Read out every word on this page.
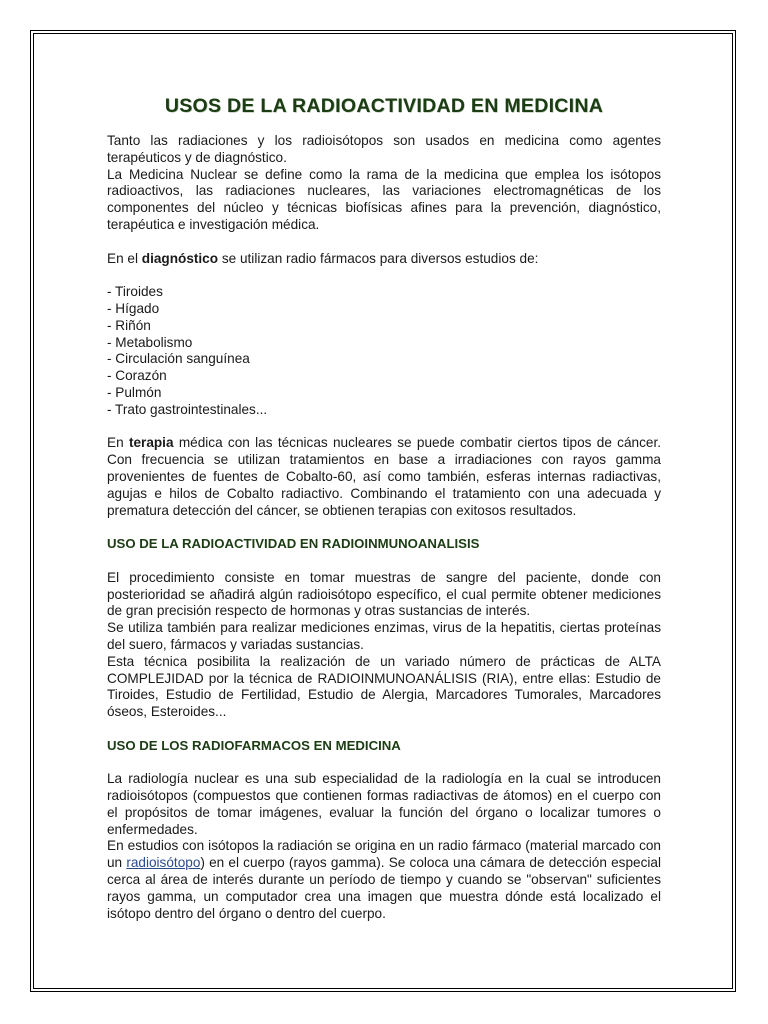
USOS DE LA RADIOACTIVIDAD EN MEDICINA

Tanto las radiaciones y los radioisótopos son usados en medicina como agentes terapéuticos y de diagnóstico.

La Medicina Nuclear se define como la rama de la medicina que emplea los isótopos radioactivos, las radiaciones nucleares, las variaciones electromagnéticas de los componentes del núcleo y técnicas biofísicas afines para la prevención, diagnóstico, terapéutica e investigación médica.

En el diagnóstico se utilizan radio fármacos para diversos estudios de:

- Tiroides
- Hígado
- Riñón
- Metabolismo
- Circulación sanguínea
- Corazón
- Pulmón
- Trato gastrointestinales...

En terapia médica con las técnicas nucleares se puede combatir ciertos tipos de cáncer. Con frecuencia se utilizan tratamientos en base a irradiaciones con rayos gamma provenientes de fuentes de Cobalto-60, así como también, esferas internas radiactivas, agujas e hilos de Cobalto radiactivo. Combinando el tratamiento con una adecuada y prematura detección del cáncer, se obtienen terapias con exitosos resultados.

USO DE LA RADIOACTIVIDAD EN RADIOINMUNOANALISIS

El procedimiento consiste en tomar muestras de sangre del paciente, donde con posterioridad se añadirá algún radioisótopo específico, el cual permite obtener mediciones de gran precisión respecto de hormonas y otras sustancias de interés.

Se utiliza también para realizar mediciones enzimas, virus de la hepatitis, ciertas proteínas del suero, fármacos y variadas sustancias.

Esta técnica posibilita la realización de un variado número de prácticas de ALTA COMPLEJIDAD por la técnica de RADIOINMUNOANÁLISIS (RIA), entre ellas: Estudio de Tiroides, Estudio de Fertilidad, Estudio de Alergia, Marcadores Tumorales, Marcadores óseos, Esteroides...

USO DE LOS RADIOFARMACOS EN MEDICINA

La radiología nuclear es una sub especialidad de la radiología en la cual se introducen radioisótopos (compuestos que contienen formas radiactivas de átomos) en el cuerpo con el propósitos de tomar imágenes, evaluar la función del órgano o localizar tumores o enfermedades.

En estudios con isótopos la radiación se origina en un radio fármaco (material marcado con un radioisótopo) en el cuerpo (rayos gamma). Se coloca una cámara de detección especial cerca al área de interés durante un período de tiempo y cuando se "observan" suficientes rayos gamma, un computador crea una imagen que muestra dónde está localizado el isótopo dentro del órgano o dentro del cuerpo.
